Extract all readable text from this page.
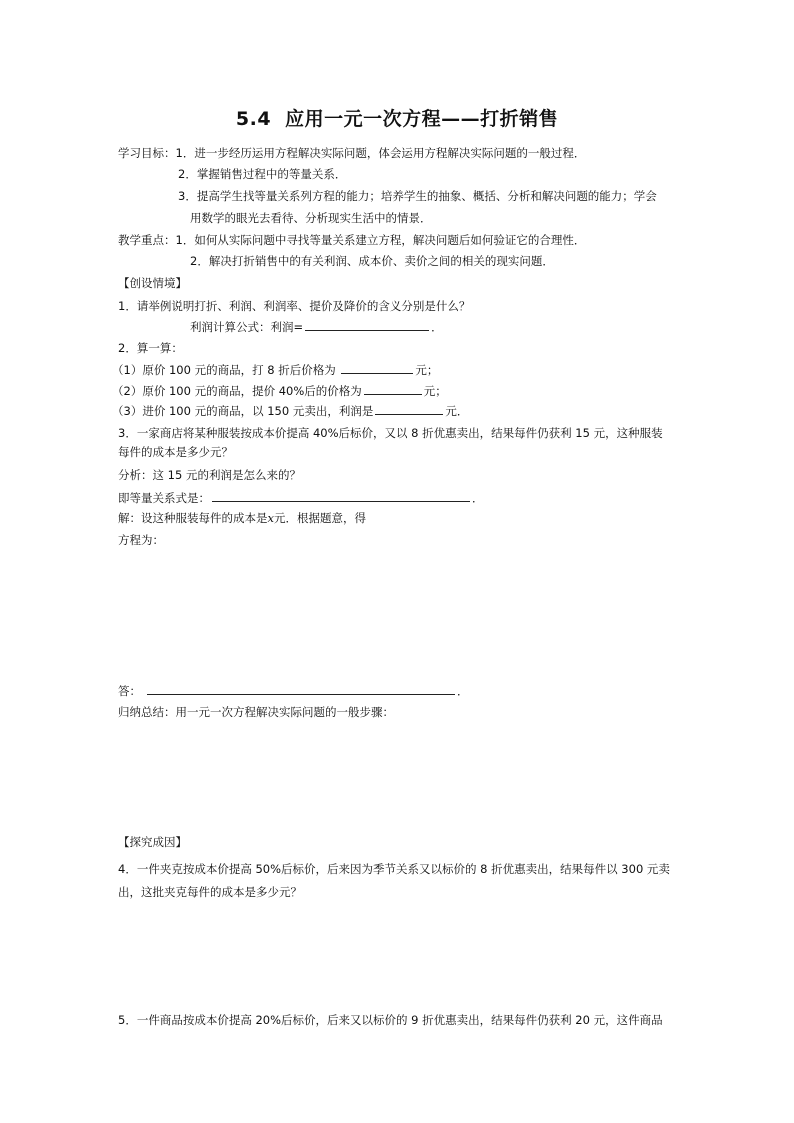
5.4 应用一元一次方程——打折销售
学习目标：1．进一步经历运用方程解决实际问题，体会运用方程解决实际问题的一般过程．
2．掌握销售过程中的等量关系．
3．提高学生找等量关系列方程的能力；培养学生的抽象、概括、分析和解决问题的能力；学会
用数学的眼光去看待、分析现实生活中的情景．
教学重点：1．如何从实际问题中寻找等量关系建立方程，解决问题后如何验证它的合理性．
2．解决打折销售中的有关利润、成本价、卖价之间的相关的现实问题．
【创设情境】
1．请举例说明打折、利润、利润率、提价及降价的含义分别是什么？
利润计算公式：利润=	．
2．算一算：
（1）原价 100 元的商品，打 8 折后价格为	元；
（2）原价 100 元的商品，提价 40%后的价格为	元；
（3）进价 100 元的商品，以 150 元卖出，利润是	元．
3．一家商店将某种服装按成本价提高 40%后标价，又以 8 折优惠卖出，结果每件仍获利 15 元，这种服装
每件的成本是多少元？
分析：这 15 元的利润是怎么来的？
即等量关系式是：	．
解：设这种服装每件的成本是x元．根据题意，得
方程为：
答：	．
归纳总结：用一元一次方程解决实际问题的一般步骤：
【探究成因】
4．一件夹克按成本价提高 50%后标价，后来因为季节关系又以标价的 8 折优惠卖出，结果每件以 300 元卖
出，这批夹克每件的成本是多少元？
5．一件商品按成本价提高 20%后标价，后来又以标价的 9 折优惠卖出，结果每件仍获利 20 元，这件商品
